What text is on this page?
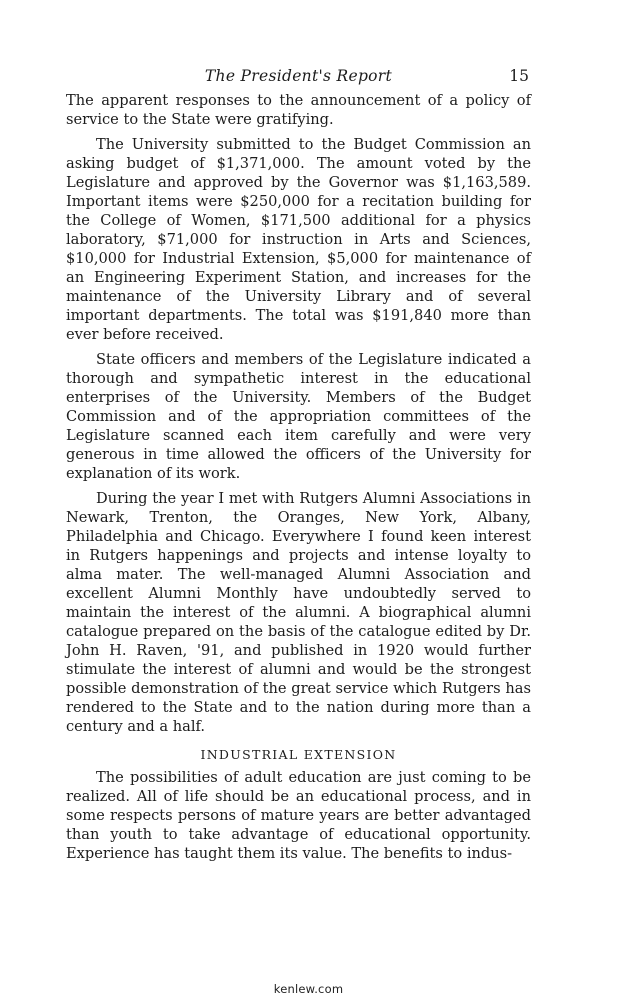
The President's Report	15

The apparent responses to the announcement of a policy of service to the State were gratifying.

The University submitted to the Budget Commission an asking budget of $1,371,000. The amount voted by the Legislature and approved by the Governor was $1,163,589. Important items were $250,000 for a recitation building for the College of Women, $171,500 additional for a physics laboratory, $71,000 for instruction in Arts and Sciences, $10,000 for Industrial Extension, $5,000 for maintenance of an Engineering Experiment Station, and increases for the maintenance of the University Library and of several important departments. The total was $191,840 more than ever before received.

State officers and members of the Legislature indicated a thorough and sympathetic interest in the educational enterprises of the University. Members of the Budget Commission and of the appropriation committees of the Legislature scanned each item carefully and were very generous in time allowed the officers of the University for explanation of its work.

During the year I met with Rutgers Alumni Associations in Newark, Trenton, the Oranges, New York, Albany, Philadelphia and Chicago. Everywhere I found keen interest in Rutgers happenings and projects and intense loyalty to alma mater. The well-managed Alumni Association and excellent Alumni Monthly have undoubtedly served to maintain the interest of the alumni. A biographical alumni catalogue prepared on the basis of the catalogue edited by Dr. John H. Raven, '91, and published in 1920 would further stimulate the interest of alumni and would be the strongest possible demonstration of the great service which Rutgers has rendered to the State and to the nation during more than a century and a half.

INDUSTRIAL EXTENSION

The possibilities of adult education are just coming to be realized. All of life should be an educational process, and in some respects persons of mature years are better advantaged than youth to take advantage of educational opportunity. Experience has taught them its value. The benefits to indus-

kenlew.com
